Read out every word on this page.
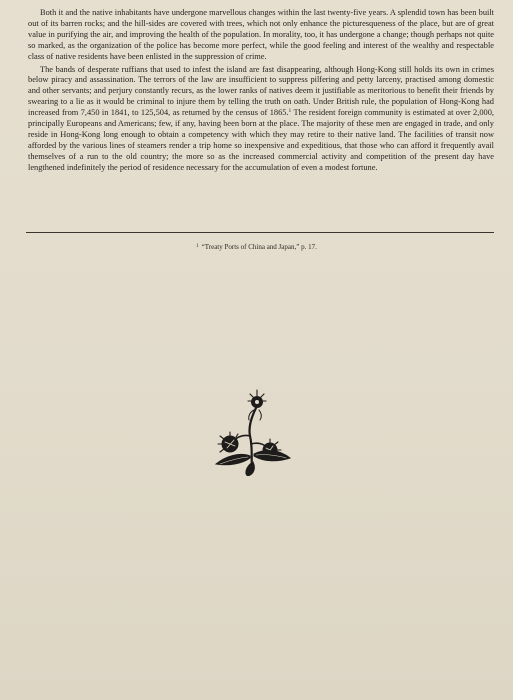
Both it and the native inhabitants have undergone marvellous changes within the last twenty-five years. A splendid town has been built out of its barren rocks; and the hill-sides are covered with trees, which not only enhance the picturesqueness of the place, but are of great value in purifying the air, and improving the health of the population. In morality, too, it has undergone a change; though perhaps not quite so marked, as the organization of the police has become more perfect, while the good feeling and interest of the wealthy and respectable class of native residents have been enlisted in the suppression of crime.

The bands of desperate ruffians that used to infest the island are fast disappearing, although Hong-Kong still holds its own in crimes below piracy and assassination. The terrors of the law are insufficient to suppress pilfering and petty larceny, practised among domestic and other servants; and perjury constantly recurs, as the lower ranks of natives deem it justifiable as meritorious to benefit their friends by swearing to a lie as it would be criminal to injure them by telling the truth on oath. Under British rule, the population of Hong-Kong had increased from 7,450 in 1841, to 125,504, as returned by the census of 1865.$^1$ The resident foreign community is estimated at over 2,000, principally Europeans and Americans; few, if any, having been born at the place. The majority of these men are engaged in trade, and only reside in Hong-Kong long enough to obtain a competency with which they may retire to their native land. The facilities of transit now afforded by the various lines of steamers render a trip home so inexpensive and expeditious, that those who can afford it frequently avail themselves of a run to the old country; the more so as the increased commercial activity and competition of the present day have lengthened indefinitely the period of residence necessary for the accumulation of even a modest fortune.

$^1$ “Treaty Ports of China and Japan,” p. 17.
